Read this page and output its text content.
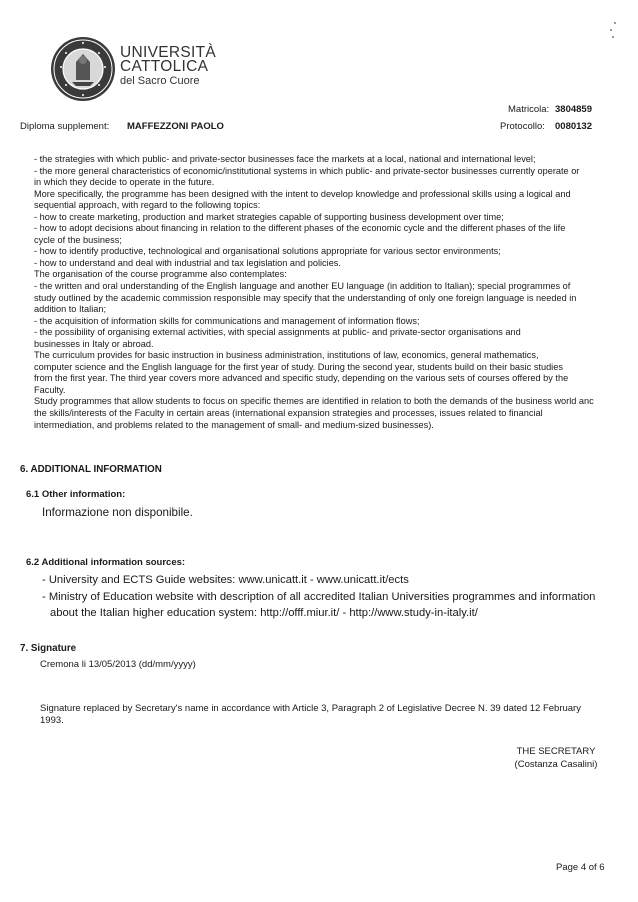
UNIVERSITÀ
CATTOLICA
del Sacro Cuore
Matricola: 3804859
Diploma supplement: MAFFEZZONI PAOLO	Protocollo: 0080132

- the strategies with which public- and private-sector businesses face the markets at a local, national and international level;

- the more general characteristics of economic/institutional systems in which public- and private-sector businesses currently operate or

in which they decide to operate in the future.

More specifically, the programme has been designed with the intent to develop knowledge and professional skills using a logical and

sequential approach, with regard to the following topics:

- how to create marketing, production and market strategies capable of supporting business development over time;

- how to adopt decisions about financing in relation to the different phases of the economic cycle and the different phases of the life

cycle of the business;

- how to identify productive, technological and organisational solutions appropriate for various sector environments;

- how to understand and deal with industrial and tax legislation and policies.

The organisation of the course programme also contemplates:

- the written and oral understanding of the English language and another EU language (in addition to Italian); special programmes of

study outlined by the academic commission responsible may specify that the understanding of only one foreign language is needed in

addition to Italian;

- the acquisition of information skills for communications and management of information flows;

- the possibility of organising external activities, with special assignments at public- and private-sector organisations and

businesses in Italy or abroad.

The curriculum provides for basic instruction in business administration, institutions of law, economics, general mathematics,

computer science and the English language for the first year of study. During the second year, students build on their basic studies

from the first year. The third year covers more advanced and specific study, depending on the various sets of courses offered by the

Faculty.

Study programmes that allow students to focus on specific themes are identified in relation to both the demands of the business world anc

the skills/interests of the Faculty in certain areas (international expansion strategies and processes, issues related to financial

intermediation, and problems related to the management of small- and medium-sized businesses).

6. ADDITIONAL INFORMATION
6.1 Other information:
Informazione non disponibile.
6.2 Additional information sources:
- University and ECTS Guide websites: www.unicatt.it - www.unicatt.it/ects
- Ministry of Education website with description of all accredited Italian Universities programmes and information about the Italian higher education system: http://offf.miur.it/ - http://www.study-in-italy.it/
7. Signature
Cremona li 13/05/2013 (dd/mm/yyyy)
Signature replaced by Secretary's name in accordance with Article 3, Paragraph 2 of Legislative Decree N. 39 dated 12 February 1993.
THE SECRETARY
(Costanza Casalini)
Page 4 of 6
